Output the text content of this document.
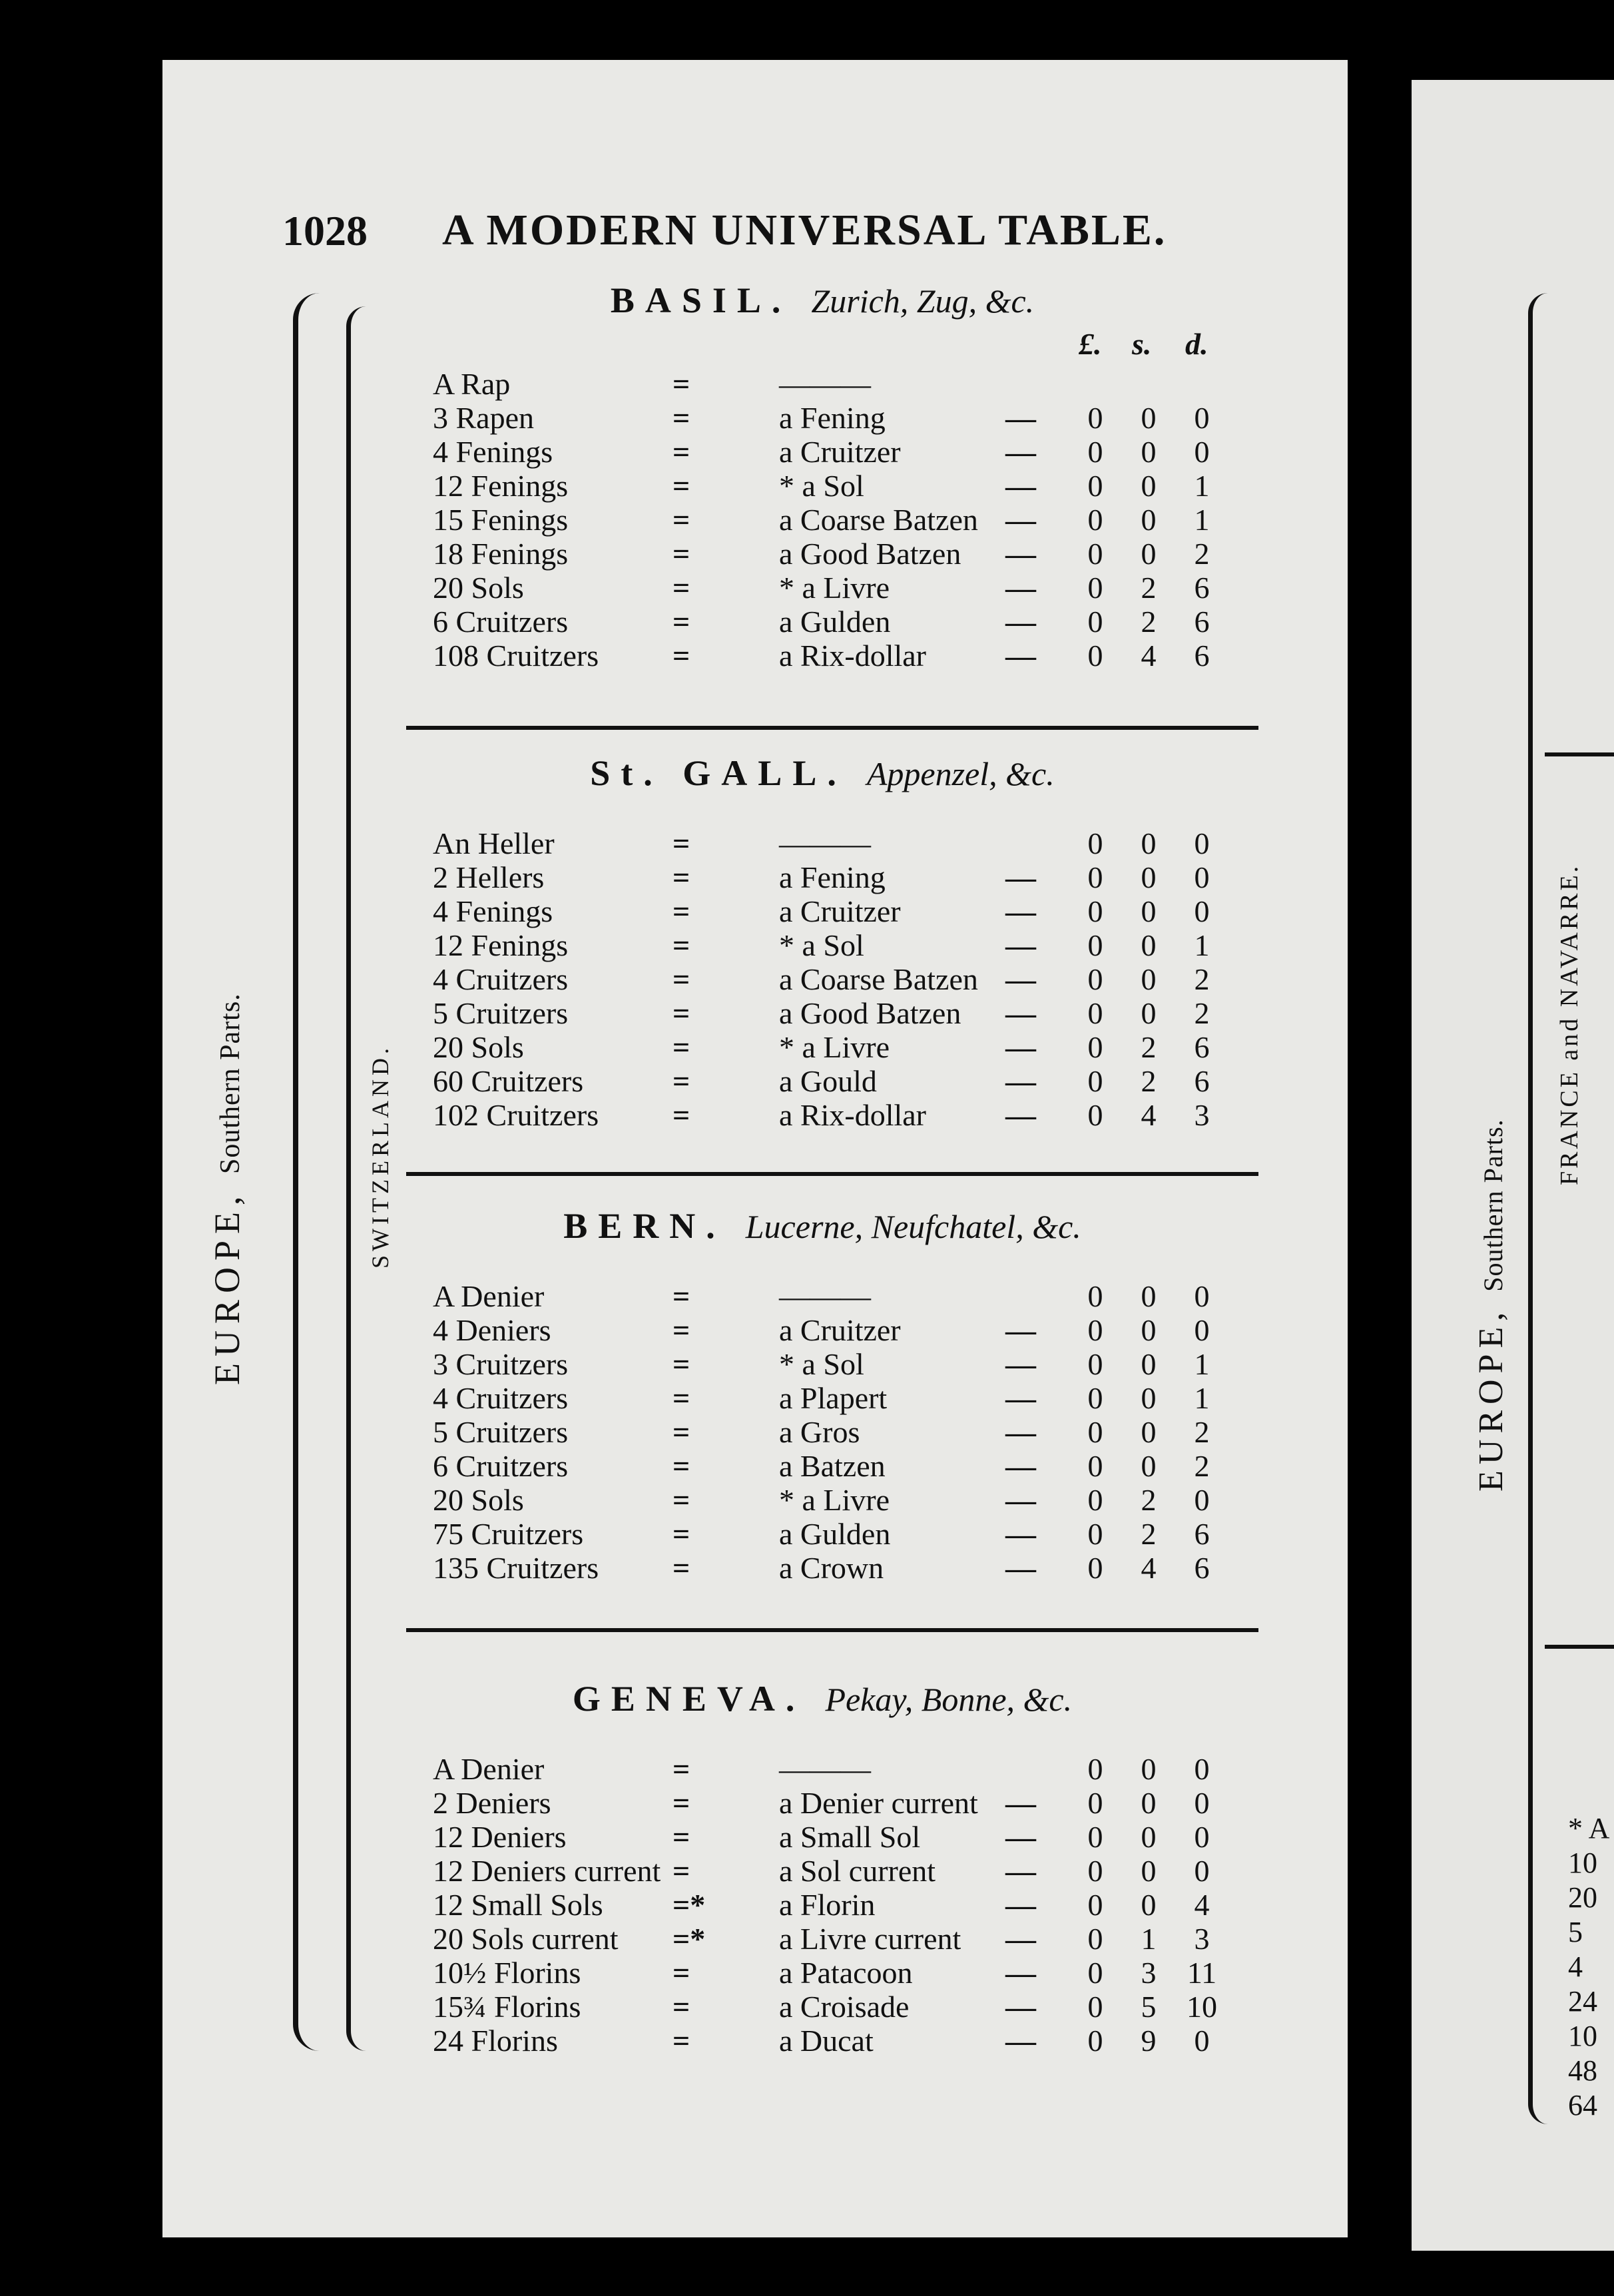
1028 A MODERN UNIVERSAL TABLE.
EUROPE, Southern Parts.
FRANCE and NAVARRE.
* A
10
20
5
4
24
10
48
64
EUROPE, Southern Parts.	SWITZERLAND.
BASIL. Zurich, Zug, &c.
£. s. d.
A Rap	=	———
3 Rapen	=	a Fening	— 0 0 0
4 Fenings	=	a Cruitzer	— 0 0 0
12 Fenings	=	* a Sol	— 0 0 1
15 Fenings	=	a Coarse Batzen — 0 0 1
18 Fenings	=	a Good Batzen — 0 0 2
20 Sols	=	* a Livre	— 0 2 6
6 Cruitzers	=	a Gulden	— 0 2 6
108 Cruitzers =	a Rix-dollar	— 0 4 6
St. GALL. Appenzel, &c.
An Heller	=	———	0 0 0
2 Hellers	=	a Fening	— 0 0 0
4 Fenings	=	a Cruitzer	— 0 0 0
12 Fenings	=	* a Sol	— 0 0 1
4 Cruitzers	=	a Coarse Batzen — 0 0 2
5 Cruitzers	=	a Good Batzen — 0 0 2
20 Sols	=	* a Livre	— 0 2 6
60 Cruitzers	=	a Gould	— 0 2 6
102 Cruitzers =	a Rix-dollar	— 0 4 3
BERN. Lucerne, Neufchatel, &c.
A Denier	=	———	0 0 0
4 Deniers	=	a Cruitzer	— 0 0 0
3 Cruitzers	=	* a Sol	— 0 0 1
4 Cruitzers	=	a Plapert	— 0 0 1
5 Cruitzers	=	a Gros	— 0 0 2
6 Cruitzers	=	a Batzen	— 0 0 2
20 Sols	=	* a Livre	— 0 2 0
75 Cruitzers	=	a Gulden	— 0 2 6
135 Cruitzers =	a Crown	— 0 4 6
GENEVA. Pekay, Bonne, &c.
A Denier	=	———	0 0 0
2 Deniers	=	a Denier current — 0 0 0
12 Deniers	=	a Small Sol	— 0 0 0
12 Deniers current =	a Sol current — 0 0 0
12 Small Sols =* a Florin	— 0 0 4
20 Sols current =* a Livre current — 0 1 3
10½ Florins	=	a Patacoon	— 0 3 11
15¾ Florins	=	a Croisade	— 0 5 10
24 Florins	=	a Ducat	— 0 9 0
